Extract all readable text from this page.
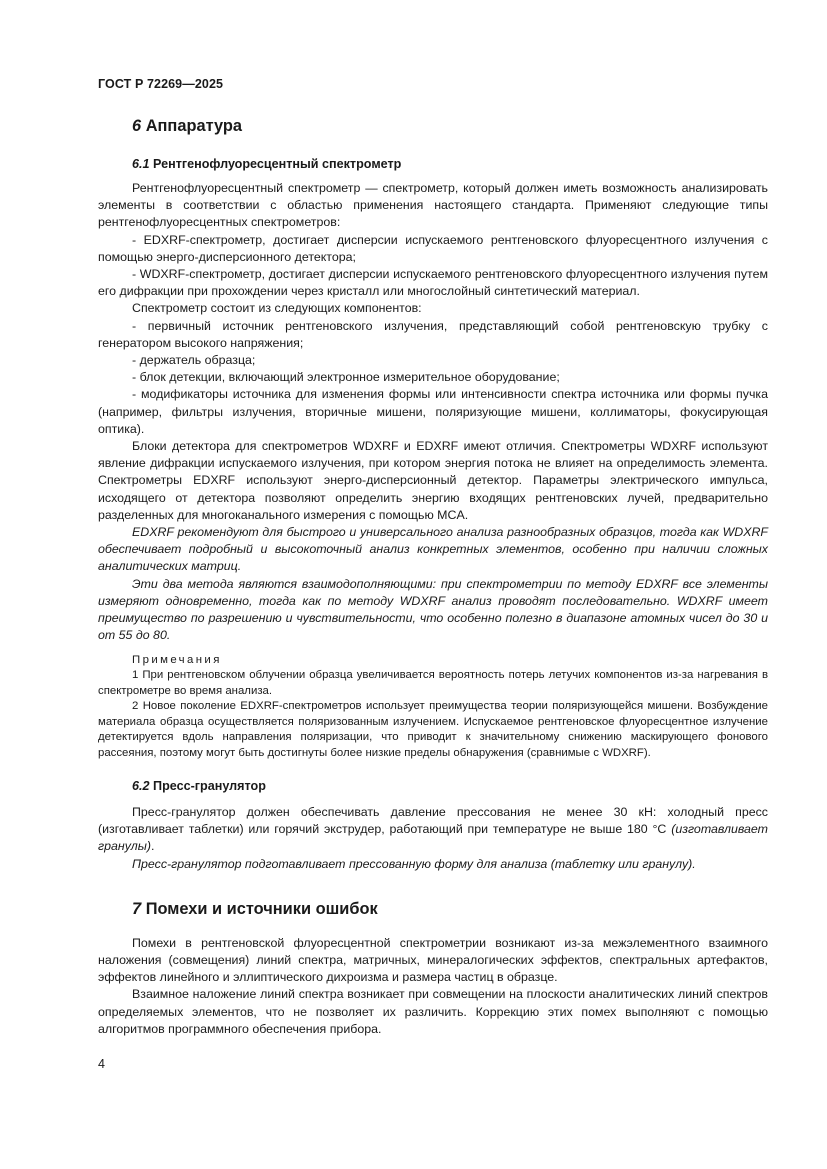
ГОСТ Р 72269—2025
6 Аппаратура
6.1 Рентгенофлуоресцентный спектрометр

Рентгенофлуоресцентный спектрометр — спектрометр, который должен иметь возможность анализировать элементы в соответствии с областью применения настоящего стандарта. Применяют следующие типы рентгенофлуоресцентных спектрометров:

- EDXRF-спектрометр, достигает дисперсии испускаемого рентгеновского флуоресцентного излучения с помощью энерго-дисперсионного детектора;

- WDXRF-спектрометр, достигает дисперсии испускаемого рентгеновского флуоресцентного излучения путем его дифракции при прохождении через кристалл или многослойный синтетический материал.

Спектрометр состоит из следующих компонентов:

- первичный источник рентгеновского излучения, представляющий собой рентгеновскую трубку с генератором высокого напряжения;

- держатель образца;

- блок детекции, включающий электронное измерительное оборудование;

- модификаторы источника для изменения формы или интенсивности спектра источника или формы пучка (например, фильтры излучения, вторичные мишени, поляризующие мишени, коллиматоры, фокусирующая оптика).

Блоки детектора для спектрометров WDXRF и EDXRF имеют отличия. Спектрометры WDXRF используют явление дифракции испускаемого излучения, при котором энергия потока не влияет на определимость элемента. Спектрометры EDXRF используют энерго-дисперсионный детектор. Параметры электрического импульса, исходящего от детектора позволяют определить энергию входящих рентгеновских лучей, предварительно разделенных для многоканального измерения с помощью MCA.

EDXRF рекомендуют для быстрого и универсального анализа разнообразных образцов, тогда как WDXRF обеспечивает подробный и высокоточный анализ конкретных элементов, особенно при наличии сложных аналитических матриц.

Эти два метода являются взаимодополняющими: при спектрометрии по методу EDXRF все элементы измеряют одновременно, тогда как по методу WDXRF анализ проводят последовательно. WDXRF имеет преимущество по разрешению и чувствительности, что особенно полезно в диапазоне атомных чисел до 30 и от 55 до 80.

Примечания

1 При рентгеновском облучении образца увеличивается вероятность потерь летучих компонентов из-за нагревания в спектрометре во время анализа.

2 Новое поколение EDXRF-спектрометров использует преимущества теории поляризующейся мишени. Возбуждение материала образца осуществляется поляризованным излучением. Испускаемое рентгеновское флуоресцентное излучение детектируется вдоль направления поляризации, что приводит к значительному снижению маскирующего фонового рассеяния, поэтому могут быть достигнуты более низкие пределы обнаружения (сравнимые с WDXRF).

6.2 Пресс-гранулятор

Пресс-гранулятор должен обеспечивать давление прессования не менее 30 кН: холодный пресс (изготавливает таблетки) или горячий экструдер, работающий при температуре не выше 180 °С (изготавливает гранулы).

Пресс-гранулятор подготавливает прессованную форму для анализа (таблетку или гранулу).

7 Помехи и источники ошибок

Помехи в рентгеновской флуоресцентной спектрометрии возникают из-за межэлементного взаимного наложения (совмещения) линий спектра, матричных, минералогических эффектов, спектральных артефактов, эффектов линейного и эллиптического дихроизма и размера частиц в образце.

Взаимное наложение линий спектра возникает при совмещении на плоскости аналитических линий спектров определяемых элементов, что не позволяет их различить. Коррекцию этих помех выполняют с помощью алгоритмов программного обеспечения прибора.

4
